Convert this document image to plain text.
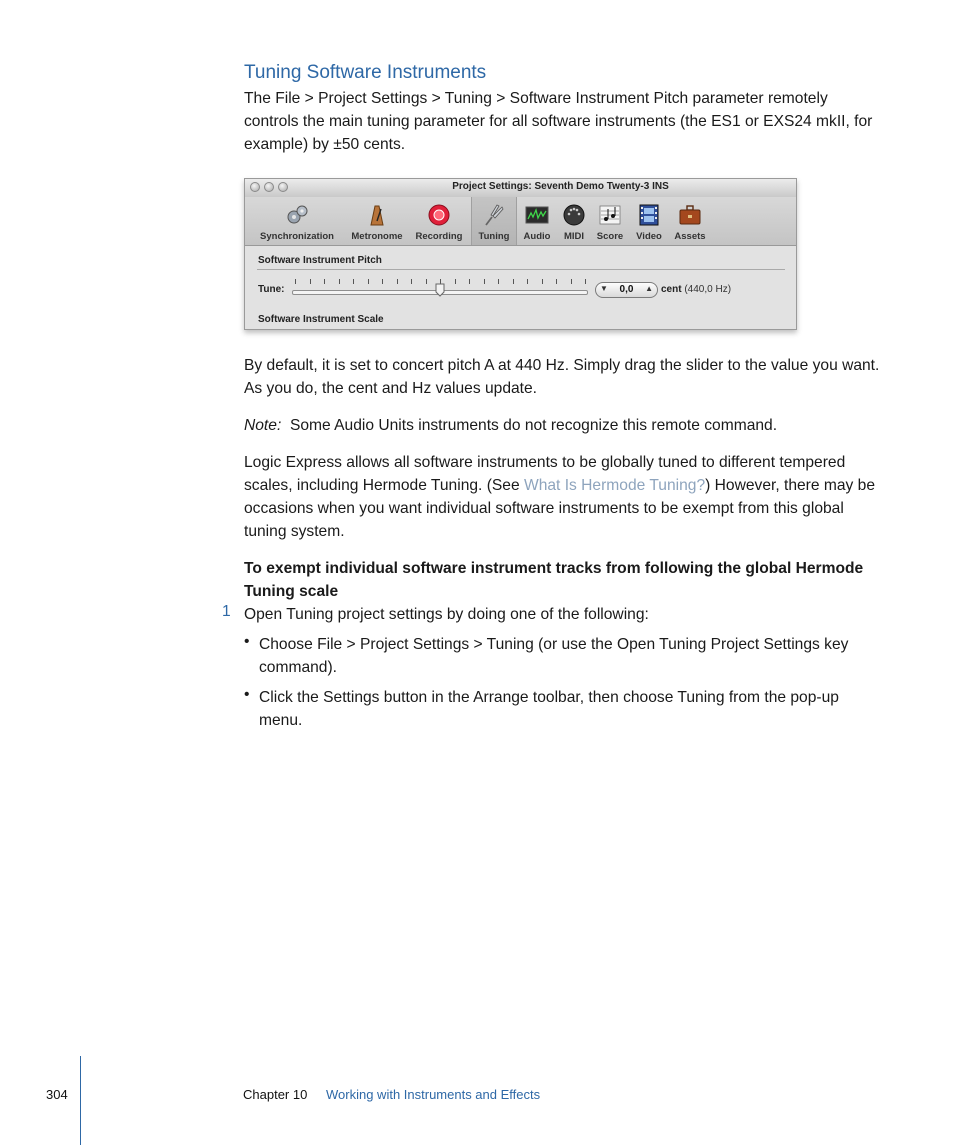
Tuning Software Instruments

The File > Project Settings > Tuning > Software Instrument Pitch parameter remotely controls the main tuning parameter for all software instruments (the ES1 or EXS24 mkII, for example) by ±50 cents.

Project Settings: Seventh Demo Twenty-3 INS
Synchronization	Metronome	Recording	Tuning	Audio	MIDI	Score	Video	Assets
Software Instrument Pitch
Tune:	▼	0,0	▲ cent (440,0 Hz)
Software Instrument Scale

By default, it is set to concert pitch A at 440 Hz. Simply drag the slider to the value you want. As you do, the cent and Hz values update.

Note: Some Audio Units instruments do not recognize this remote command.

Logic Express allows all software instruments to be globally tuned to different tempered scales, including Hermode Tuning. (See What Is Hermode Tuning?) However, there may be occasions when you want individual software instruments to be exempt from this global tuning system.

To exempt individual software instrument tracks from following the global Hermode Tuning scale

1 Open Tuning project settings by doing one of the following:

• Choose File > Project Settings > Tuning (or use the Open Tuning Project Settings key command).

• Click the Settings button in the Arrange toolbar, then choose Tuning from the pop-up menu.

304	Chapter 10 Working with Instruments and Effects
